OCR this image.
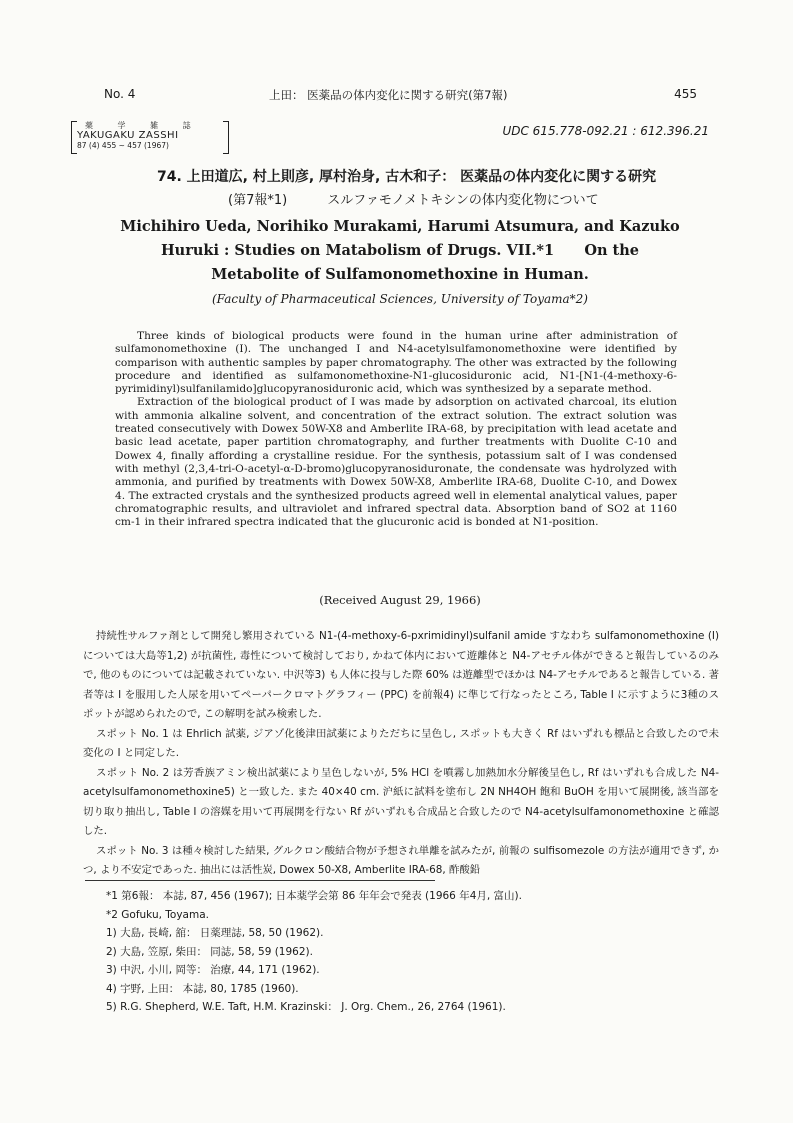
No. 4	上田： 医薬品の体内変化に関する研究(第7報)	455
薬 学 雑 誌
YAKUGAKU ZASSHI
87 (4) 455 ~ 457 (1967)
UDC 615.778-092.21 : 612.396.21
74. 上田道広, 村上則彦, 厚村治身, 古木和子： 医薬品の体内変化に関する研究
(第7報*1)	スルファモノメトキシンの体内変化物について
Michihiro Ueda, Norihiko Murakami, Harumi Atsumura, and Kazuko
Huruki : Studies on Matabolism of Drugs. VII.*1      On the
Metabolite of Sulfamonomethoxine in Human.
(Faculty of Pharmaceutical Sciences, University of Toyama*2)

Three kinds of biological products were found in the human urine after administration of sulfamonomethoxine (I). The unchanged I and N4-acetylsulfamonomethoxine were identified by comparison with authentic samples by paper chromatography. The other was extracted by the following procedure and identified as sulfamonomethoxine-N1-glucosiduronic acid, N1-[N1-(4-methoxy-6-pyrimidinyl)sulfanilamido]glucopyranosiduronic acid, which was synthesized by a separate method.

Extraction of the biological product of I was made by adsorption on activated charcoal, its elution with ammonia alkaline solvent, and concentration of the extract solution. The extract solution was treated consecutively with Dowex 50W-X8 and Amberlite IRA-68, by precipitation with lead acetate and basic lead acetate, paper partition chromatography, and further treatments with Duolite C-10 and Dowex 4, finally affording a crystalline residue. For the synthesis, potassium salt of I was condensed with methyl (2,3,4-tri-O-acetyl-α-D-bromo)glucopyranosiduronate, the condensate was hydrolyzed with ammonia, and purified by treatments with Dowex 50W-X8, Amberlite IRA-68, Duolite C-10, and Dowex 4. The extracted crystals and the synthesized products agreed well in elemental analytical values, paper chromatographic results, and ultraviolet and infrared spectral data. Absorption band of SO2 at 1160 cm-1 in their infrared spectra indicated that the glucuronic acid is bonded at N1-position.

(Received August 29, 1966)

持続性サルファ剤として開発し繁用されている N1-(4-methoxy-6-pxrimidinyl)sulfanil amide すなわち sulfamonomethoxine (I) については大島等1,2) が抗菌性, 毒性について検討しており, かねて体内において遊離体と N4-アセチル体ができると報告しているのみで, 他のものについては記載されていない. 中沢等3) も人体に投与した際 60% は遊離型でほかは N4-アセチルであると報告している. 著者等は I を服用した人尿を用いてペーパークロマトグラフィー (PPC) を前報4) に準じて行なったところ, Table I に示すように3種のスポットが認められたので, この解明を試み検索した.

スポット No. 1 は Ehrlich 試薬, ジアゾ化後津田試薬によりただちに呈色し, スポットも大きく Rf はいずれも標品と合致したので未変化の I と同定した.

スポット No. 2 は芳香族アミン検出試薬により呈色しないが, 5% HCl を噴霧し加熱加水分解後呈色し, Rf はいずれも合成した N4-acetylsulfamonomethoxine5) と一致した. また 40×40 cm. 沪紙に試料を塗布し 2N NH4OH 飽和 BuOH を用いて展開後, 該当部を切り取り抽出し, Table I の溶媒を用いて再展開を行ない Rf がいずれも合成品と合致したので N4-acetylsulfamonomethoxine と確認した.

スポット No. 3 は種々検討した結果, グルクロン酸結合物が予想され単離を試みたが, 前報の sulfisomezole の方法が適用できず, かつ, より不安定であった. 抽出には活性炭, Dowex 50-X8, Amberlite IRA-68, 酢酸鉛

*1 第6報： 本誌, 87, 456 (1967); 日本薬学会第 86 年年会で発表 (1966 年4月, 富山).
*2 Gofuku, Toyama.
1) 大島, 長崎, 舘： 日薬理誌, 58, 50 (1962).
2) 大島, 笠原, 柴田： 同誌, 58, 59 (1962).
3) 中沢, 小川, 岡等： 治療, 44, 171 (1962).
4) 宇野, 上田： 本誌, 80, 1785 (1960).
5) R.G. Shepherd, W.E. Taft, H.M. Krazinski： J. Org. Chem., 26, 2764 (1961).
